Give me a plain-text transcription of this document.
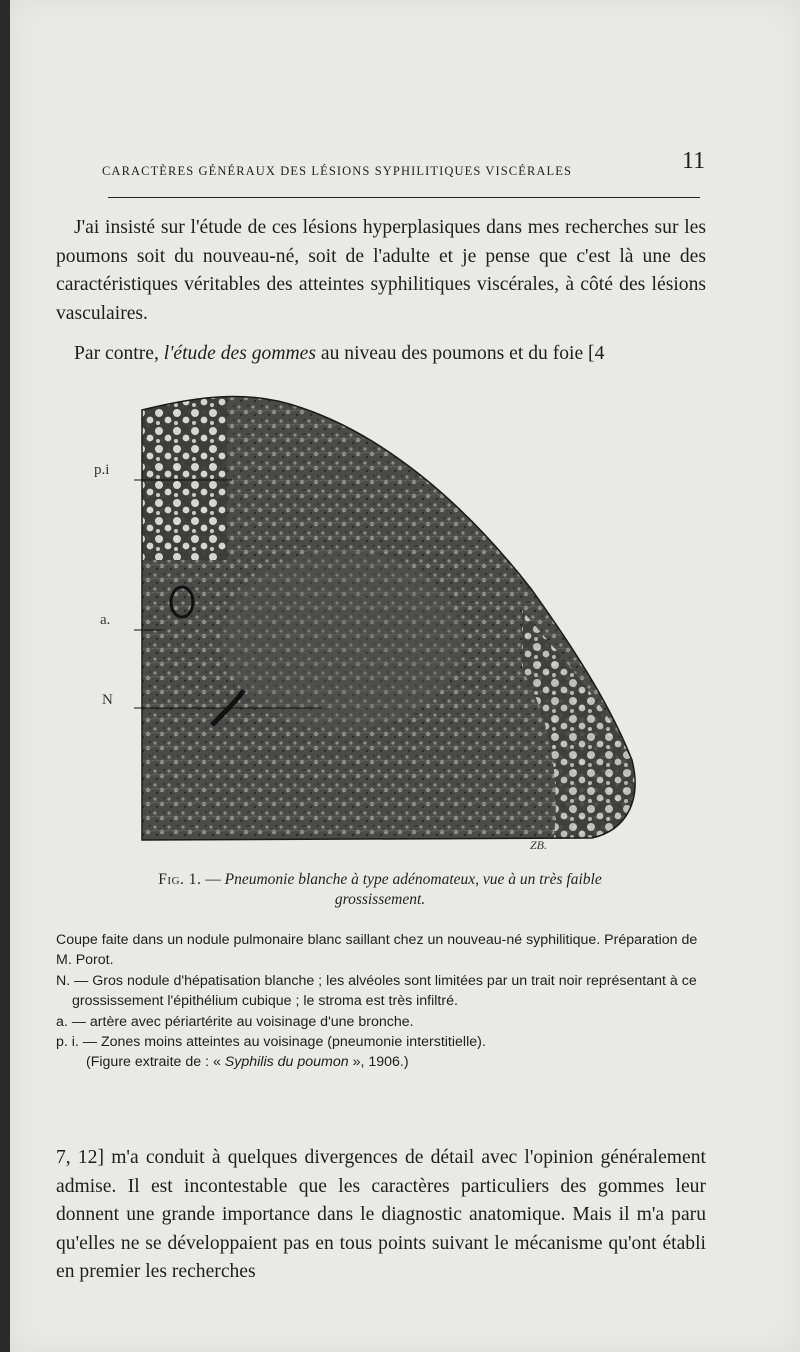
CARACTÈRES GÉNÉRAUX DES LÉSIONS SYPHILITIQUES VISCÉRALES	11
J'ai insisté sur l'étude de ces lésions hyperplasiques dans mes recherches sur les poumons soit du nouveau-né, soit de l'adulte et je pense que c'est là une des caractéristiques véritables des atteintes syphilitiques viscérales, à côté des lésions vasculaires.
Par contre, l'étude des gommes au niveau des poumons et du foie [4
p.i
a.
N
ZB.
Fig. 1. — Pneumonie blanche à type adénomateux, vue à un très faible grossissement.

Coupe faite dans un nodule pulmonaire blanc saillant chez un nouveau-né syphilitique. Préparation de M. Porot.

N. — Gros nodule d'hépatisation blanche ; les alvéoles sont limitées par un trait noir représentant à ce grossissement l'épithélium cubique ; le stroma est très infiltré.

a. — artère avec périartérite au voisinage d'une bronche.

p. i. — Zones moins atteintes au voisinage (pneumonie interstitielle).

(Figure extraite de : « Syphilis du poumon », 1906.)

7, 12] m'a conduit à quelques divergences de détail avec l'opinion généralement admise. Il est incontestable que les caractères particuliers des gommes leur donnent une grande importance dans le diagnostic anatomique. Mais il m'a paru qu'elles ne se développaient pas en tous points suivant le mécanisme qu'ont établi en premier les recherches
